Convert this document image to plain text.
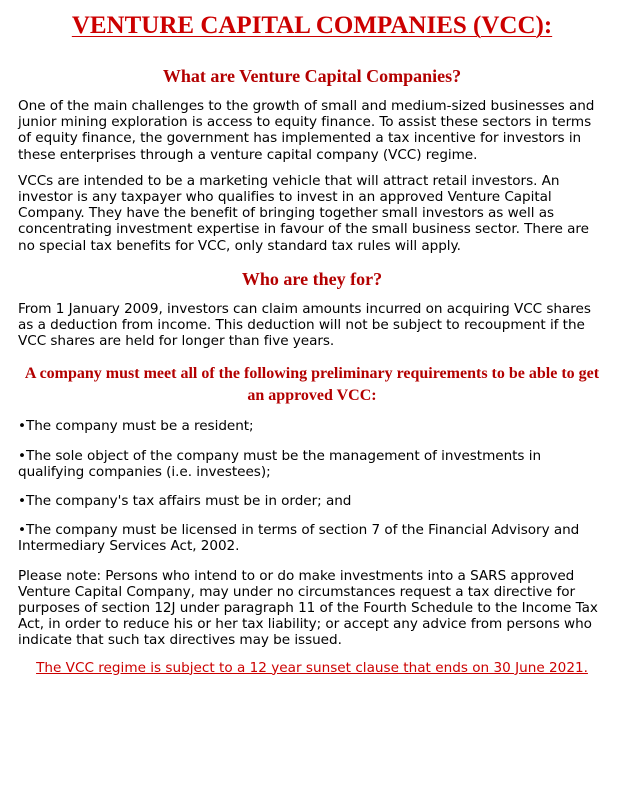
VENTURE CAPITAL COMPANIES (VCC):
What are Venture Capital Companies?

One of the main challenges to the growth of small and medium-sized businesses and junior mining exploration is access to equity finance. To assist these sectors in terms of equity finance, the government has implemented a tax incentive for investors in these enterprises through a venture capital company (VCC) regime.

VCCs are intended to be a marketing vehicle that will attract retail investors. An investor is any taxpayer who qualifies to invest in an approved Venture Capital Company. They have the benefit of bringing together small investors as well as concentrating investment expertise in favour of the small business sector. There are no special tax benefits for VCC, only standard tax rules will apply.

Who are they for?

From 1 January 2009, investors can claim amounts incurred on acquiring VCC shares as a deduction from income. This deduction will not be subject to recoupment if the VCC shares are held for longer than five years.

A company must meet all of the following preliminary requirements to be able to get an approved VCC:

•The company must be a resident;

•The sole object of the company must be the management of investments in qualifying companies (i.e. investees);

•The company's tax affairs must be in order; and

•The company must be licensed in terms of section 7 of the Financial Advisory and Intermediary Services Act, 2002.

Please note: Persons who intend to or do make investments into a SARS approved Venture Capital Company, may under no circumstances request a tax directive for purposes of section 12J under paragraph 11 of the Fourth Schedule to the Income Tax Act, in order to reduce his or her tax liability; or accept any advice from persons who indicate that such tax directives may be issued.

The VCC regime is subject to a 12 year sunset clause that ends on 30 June 2021.
